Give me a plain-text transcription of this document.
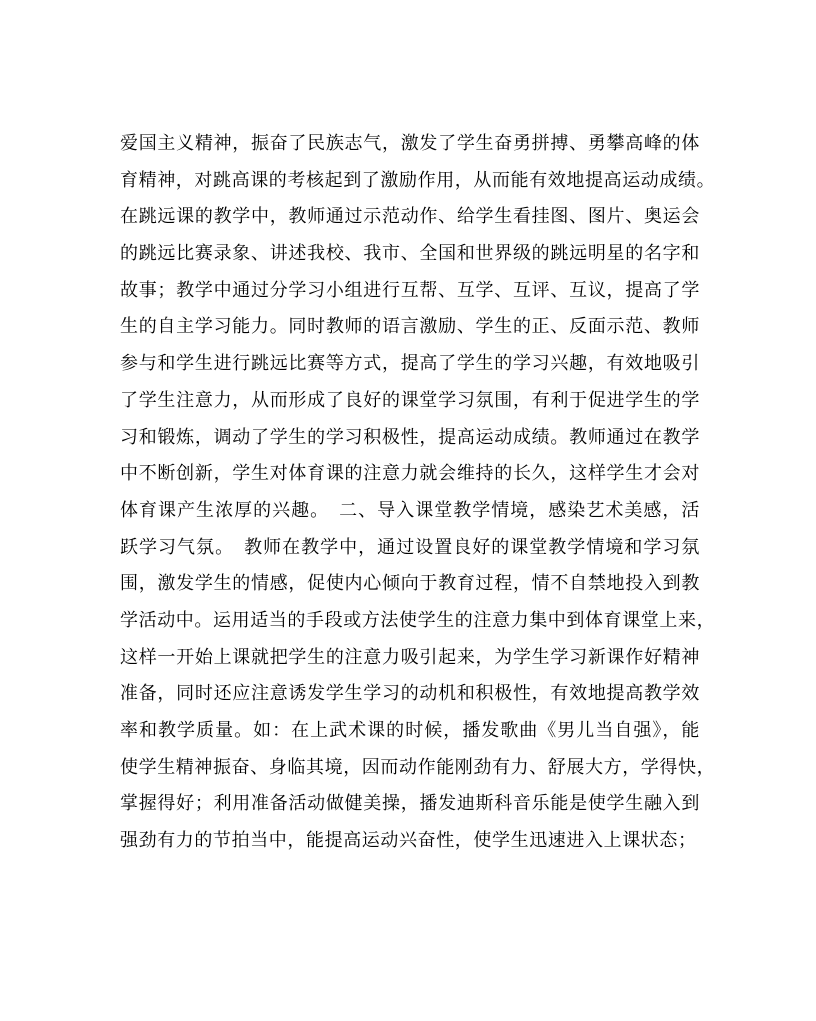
爱国主义精神，振奋了民族志气，激发了学生奋勇拼搏、勇攀高峰的体
育精神，对跳高课的考核起到了激励作用，从而能有效地提高运动成绩。
在跳远课的教学中，教师通过示范动作、给学生看挂图、图片、奥运会
的跳远比赛录象、讲述我校、我市、全国和世界级的跳远明星的名字和
故事；教学中通过分学习小组进行互帮、互学、互评、互议，提高了学
生的自主学习能力。同时教师的语言激励、学生的正、反面示范、教师
参与和学生进行跳远比赛等方式，提高了学生的学习兴趣，有效地吸引
了学生注意力，从而形成了良好的课堂学习氛围，有利于促进学生的学
习和锻炼，调动了学生的学习积极性，提高运动成绩。教师通过在教学
中不断创新，学生对体育课的注意力就会维持的长久，这样学生才会对
体育课产生浓厚的兴趣。　二、导入课堂教学情境，感染艺术美感，活
跃学习气氛。　教师在教学中，通过设置良好的课堂教学情境和学习氛
围，激发学生的情感，促使内心倾向于教育过程，情不自禁地投入到教
学活动中。运用适当的手段或方法使学生的注意力集中到体育课堂上来，
这样一开始上课就把学生的注意力吸引起来，为学生学习新课作好精神
准备，同时还应注意诱发学生学习的动机和积极性，有效地提高教学效
率和教学质量。如：在上武术课的时候，播发歌曲《男儿当自强》，能
使学生精神振奋、身临其境，因而动作能刚劲有力、舒展大方，学得快，
掌握得好；利用准备活动做健美操，播发迪斯科音乐能是使学生融入到
强劲有力的节拍当中，能提高运动兴奋性，使学生迅速进入上课状态；
